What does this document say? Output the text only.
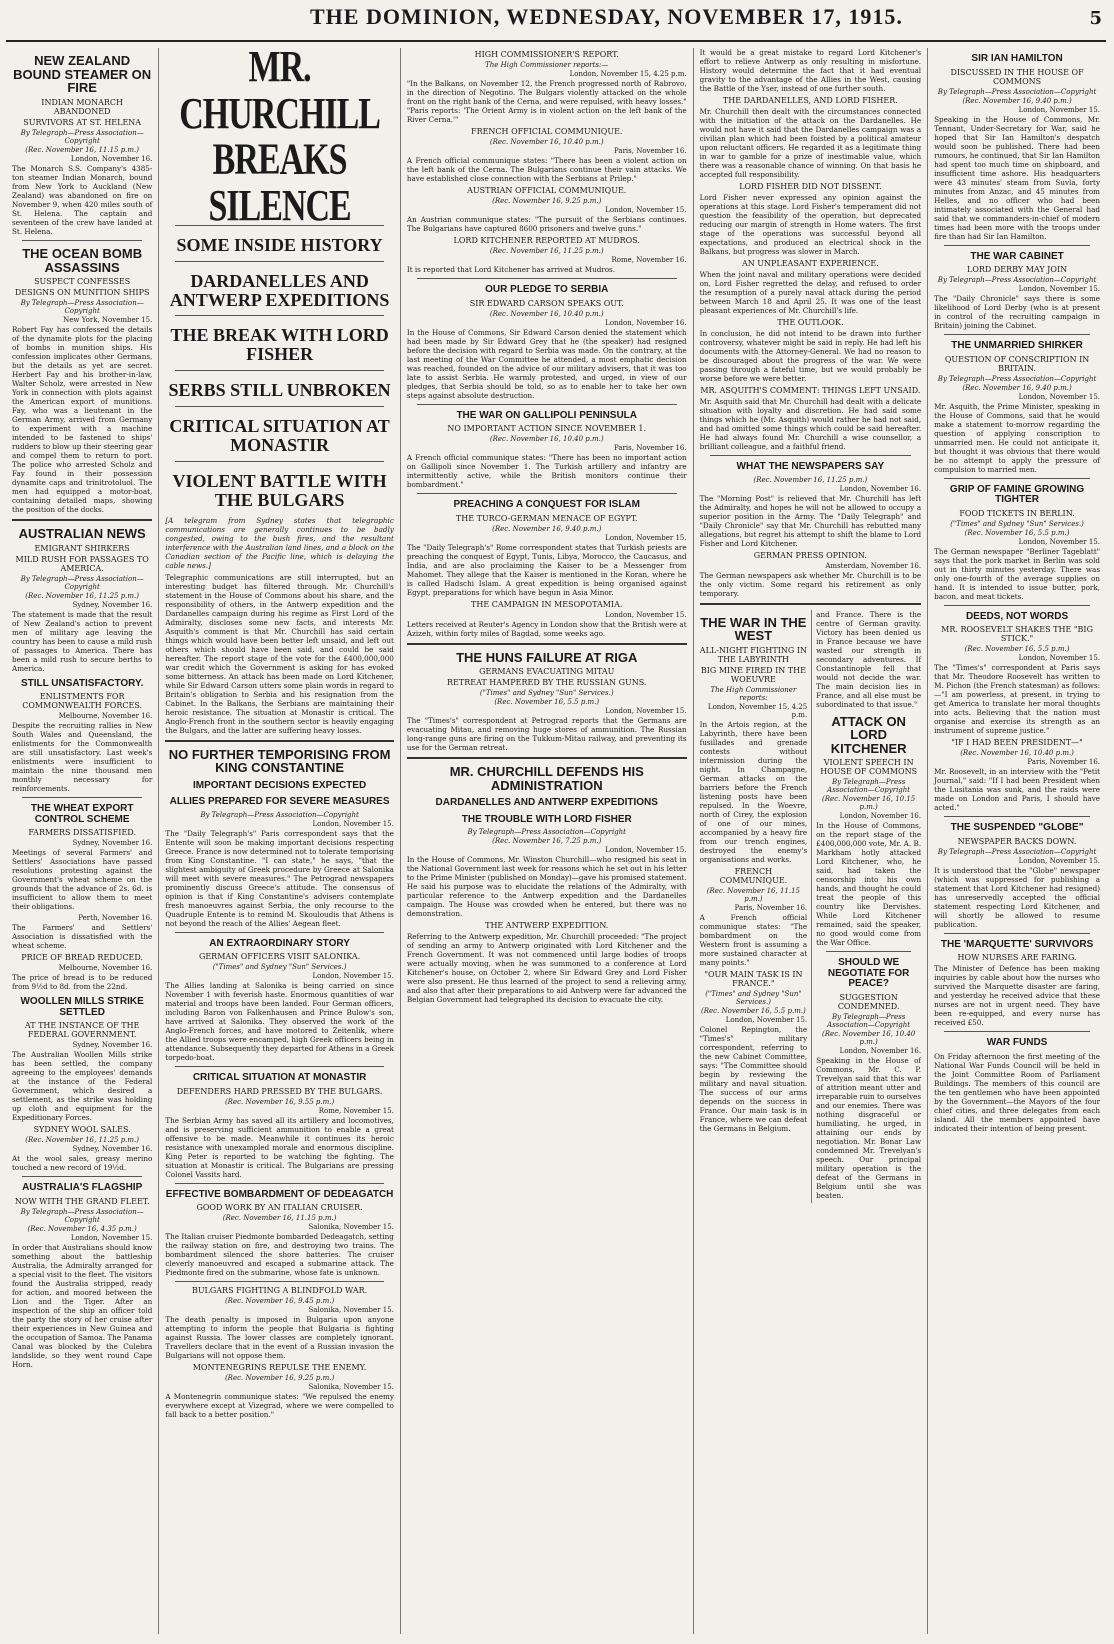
THE DOMINION, WEDNESDAY, NOVEMBER 17, 1915.	5
NEW ZEALAND BOUND STEAMER ON FIRE
INDIAN MONARCH ABANDONED
SURVIVORS AT ST. HELENA
By Telegraph—Press Association—Copyright
(Rec. November 16, 11.15 p.m.)
London, November 16.

The Monarch S.S. Company's 4385-ton steamer Indian Monarch, bound from New York to Auckland (New Zealand) was abandoned on fire on November 9, when 420 miles south of St. Helena. The captain and seventeen of the crew have landed at St. Helena.

THE OCEAN BOMB ASSASSINS
SUSPECT CONFESSES
DESIGNS ON MUNITION SHIPS
By Telegraph—Press Association—Copyright
New York, November 15.

Robert Fay has confessed the details of the dynamite plots for the placing of bombs in munition ships. His confession implicates other Germans, but the details as yet are secret. Herbert Fay and his brother-in-law, Walter Scholz, were arrested in New York in connection with plots against the American export of munitions. Fay, who was a lieutenant in the German Army, arrived from Germany to experiment with a machine intended to be fastened to ships' rudders to blow up their steering gear and compel them to return to port. The police who arrested Scholz and Fay found in their possession dynamite caps and trinitrotoluol. The men had equipped a motor-boat, containing detailed maps, showing the position of the docks.

AUSTRALIAN NEWS
EMIGRANT SHIRKERS
MILD RUSH FOR PASSAGES TO AMERICA.
By Telegraph—Press Association—Copyright
(Rec. November 16, 11.25 p.m.)
Sydney, November 16.

The statement is made that the result of New Zealand's action to prevent men of military age leaving the country has been to cause a mild rush of passages to America. There has been a mild rush to secure berths to America.

STILL UNSATISFACTORY.
ENLISTMENTS FOR COMMONWEALTH FORCES.
Melbourne, November 16.

Despite the recruiting rallies in New South Wales and Queensland, the enlistments for the Commonwealth are still unsatisfactory. Last week's enlistments were insufficient to maintain the nine thousand men monthly necessary for reinforcements.

THE WHEAT EXPORT CONTROL SCHEME
FARMERS DISSATISFIED.
Sydney, November 16.

Meetings of several Farmers' and Settlers' Associations have passed resolutions protesting against the Government's wheat scheme on the grounds that the advance of 2s. 6d. is insufficient to allow them to meet their obligations.

Perth, November 16.

The Farmers' and Settlers' Association is dissatisfied with the wheat scheme.

PRICE OF BREAD REDUCED.
Melbourne, November 16.

The price of bread is to be reduced from 9½d to 8d. from the 22nd.

WOOLLEN MILLS STRIKE SETTLED
AT THE INSTANCE OF THE FEDERAL GOVERNMENT.
Sydney, November 16.

The Australian Woollen Mills strike has been settled, the company agreeing to the employees' demands at the instance of the Federal Government, which desired a settlement, as the strike was holding up cloth and equipment for the Expeditionary Forces.

SYDNEY WOOL SALES.
(Rec. November 16, 11.25 p.m.)
Sydney, November 16.

At the wool sales, greasy merino touched a new record of 19½d.

AUSTRALIA'S FLAGSHIP
NOW WITH THE GRAND FLEET.
By Telegraph—Press Association—Copyright
(Rec. November 16, 4.35 p.m.)
London, November 15.

In order that Australians should know something about the battleship Australia, the Admiralty arranged for a special visit to the fleet. The visitors found the Australia stripped, ready for action, and moored between the Lion and the Tiger. After an inspection of the ship an officer told the party the story of her cruise after their experiences in New Guinea and the occupation of Samoa. The Panama Canal was blocked by the Culebra landslide, so they went round Cape Horn.

MR. CHURCHILL BREAKS SILENCE
SOME INSIDE HISTORY
DARDANELLES AND ANTWERP EXPEDITIONS
THE BREAK WITH LORD FISHER
SERBS STILL UNBROKEN
CRITICAL SITUATION AT MONASTIR
VIOLENT BATTLE WITH THE BULGARS

[A telegram from Sydney states that telegraphic communications are generally continues to be badly congested, owing to the bush fires, and the resultant interference with the Australian land lines, and a block on the Canadian section of the Pacific line, which is delaying the cable news.]

Telegraphic communications are still interrupted, but an interesting budget has filtered through. Mr. Churchill's statement in the House of Commons about his share, and the responsibility of others, in the Antwerp expedition and the Dardanelles campaign during his regime as First Lord of the Admiralty, discloses some new facts, and interests Mr. Asquith's comment is that Mr. Churchill has said certain things which would have been better left unsaid, and left out others which should have been said, and could be said hereafter. The report stage of the vote for the £400,000,000 war credit which the Government is asking for has evoked some bitterness. An attack has been made on Lord Kitchener, while Sir Edward Carson utters some plain words in regard to Britain's obligation to Serbia and his resignation from the Cabinet. In the Balkans, the Serbians are maintaining their heroic resistance. The situation at Monastir is critical. The Anglo-French front in the southern sector is heavily engaging the Bulgars, and the latter are suffering heavy losses.

NO FURTHER TEMPORISING FROM KING CONSTANTINE
IMPORTANT DECISIONS EXPECTED
ALLIES PREPARED FOR SEVERE MEASURES
By Telegraph—Press Association—Copyright
London, November 15.

The "Daily Telegraph's" Paris correspondent says that the Entente will soon be making important decisions respecting Greece. France is now determined not to tolerate temporising from King Constantine. "I can state," he says, "that the slightest ambiguity of Greek procedure by Greece at Salonika will meet with severe measures." The Petrograd newspapers prominently discuss Greece's attitude. The consensus of opinion is that if King Constantine's advisers contemplate fresh manoeuvres against Serbia, the only recourse to the Quadruple Entente is to remind M. Skouloudis that Athens is not beyond the reach of the Allies' Aegean fleet.

AN EXTRAORDINARY STORY
GERMAN OFFICERS VISIT SALONIKA.
("Times" and Sydney "Sun" Services.)
London, November 15.

The Allies landing at Salonika is being carried on since November 1 with feverish haste. Enormous quantities of war material and troops have been landed. Four German officers, including Baron von Falkenhausen and Prince Bulow's son, have arrived at Salonika. They observed the work of the Anglo-French forces, and have motored to Zeitenlik, where the Allied troops were encamped, high Greek officers being in attendance. Subsequently they departed for Athens in a Greek torpedo-boat.

CRITICAL SITUATION AT MONASTIR
DEFENDERS HARD PRESSED BY THE BULGARS.
(Rec. November 16, 9.55 p.m.)
Rome, November 15.

The Serbian Army has saved all its artillery and locomotives, and is preserving sufficient ammunition to enable a great offensive to be made. Meanwhile it continues its heroic resistance with unexampled morale and enormous discipline. King Peter is reported to be watching the fighting. The situation at Monastir is critical. The Bulgarians are pressing Colonel Vassits hard.

EFFECTIVE BOMBARDMENT OF DEDEAGATCH
GOOD WORK BY AN ITALIAN CRUISER.
(Rec. November 16, 11.15 p.m.)
Salonika, November 15.

The Italian cruiser Piedmonte bombarded Dedeagatch, setting the railway station on fire, and destroying two trains. The bombardment silenced the shore batteries. The cruiser cleverly manoeuvred and escaped a submarine attack. The Piedmonte fired on the submarine, whose fate is unknown.

BULGARS FIGHTING A BLINDFOLD WAR.
(Rec. November 16, 9.45 p.m.)
Salonika, November 15.

The death penalty is imposed in Bulgaria upon anyone attempting to inform the people that Bulgaria is fighting against Russia. The lower classes are completely ignorant. Travellers declare that in the event of a Russian invasion the Bulgarians will not oppose them.

MONTENEGRINS REPULSE THE ENEMY.
(Rec. November 16, 9.25 p.m.)
Salonika, November 15.

A Montenegrin communique states: "We repulsed the enemy everywhere except at Vizegrad, where we were compelled to fall back to a better position."

HIGH COMMISSIONER'S REPORT.
The High Commissioner reports:—
London, November 15, 4.25 p.m.

"In the Balkans, on November 12, the French progressed north of Rabrovo, in the direction of Negotino. The Bulgars violently attacked on the whole front on the right bank of the Cerna, and were repulsed, with heavy losses." "Paris reports: 'The Orient Army is in violent action on the left bank of the River Cerna.'"

FRENCH OFFICIAL COMMUNIQUE.
(Rec. November 16, 10.40 p.m.)
Paris, November 16.

A French official communique states: "There has been a violent action on the left bank of the Cerna. The Bulgarians continue their vain attacks. We have established close connection with the Serbians at Prilep."

AUSTRIAN OFFICIAL COMMUNIQUE.
(Rec. November 16, 9.25 p.m.)
London, November 15.

An Austrian communique states: "The pursuit of the Serbians continues. The Bulgarians have captured 8600 prisoners and twelve guns."

LORD KITCHENER REPORTED AT MUDROS.
(Rec. November 16, 11.25 p.m.)
Rome, November 16.

It is reported that Lord Kitchener has arrived at Mudros.

OUR PLEDGE TO SERBIA
SIR EDWARD CARSON SPEAKS OUT.
(Rec. November 16, 10.40 p.m.)
London, November 16.

In the House of Commons, Sir Edward Carson denied the statement which had been made by Sir Edward Grey that he (the speaker) had resigned before the decision with regard to Serbia was made. On the contrary, at the last meeting of the War Committee he attended, a most emphatic decision was reached, founded on the advice of our military advisers, that it was too late to assist Serbia. He warmly protested, and urged, in view of our pledges, that Serbia should be told, so as to enable her to take her own steps against absolute destruction.

THE WAR ON GALLIPOLI PENINSULA
NO IMPORTANT ACTION SINCE NOVEMBER 1.
(Rec. November 16, 10.40 p.m.)
Paris, November 16.

A French official communique states: "There has been no important action on Gallipoli since November 1. The Turkish artillery and infantry are intermittently active, while the British monitors continue their bombardment."

PREACHING A CONQUEST FOR ISLAM
THE TURCO-GERMAN MENACE OF EGYPT.
(Rec. November 16, 9.40 p.m.)
London, November 15.

The "Daily Telegraph's" Rome correspondent states that Turkish priests are preaching the conquest of Egypt, Tunis, Libya, Morocco, the Caucasus, and India, and are also proclaiming the Kaiser to be a Messenger from Mahomet. They allege that the Kaiser is mentioned in the Koran, where he is called Hadschi Islam. A great expedition is being organised against Egypt, preparations for which have begun in Asia Minor.

THE CAMPAIGN IN MESOPOTAMIA.
London, November 15.

Letters received at Reuter's Agency in London show that the British were at Azizeh, within forty miles of Bagdad, some weeks ago.

THE HUNS FAILURE AT RIGA
GERMANS EVACUATING MITAU
RETREAT HAMPERED BY THE RUSSIAN GUNS.
("Times" and Sydney "Sun" Services.)
(Rec. November 16, 5.5 p.m.)
London, November 15.

The "Times's" correspondent at Petrograd reports that the Germans are evacuating Mitau, and removing huge stores of ammunition. The Russian long-range guns are firing on the Tukkum-Mitau railway, and preventing its use for the German retreat.

MR. CHURCHILL DEFENDS HIS ADMINISTRATION
DARDANELLES AND ANTWERP EXPEDITIONS
THE TROUBLE WITH LORD FISHER
By Telegraph—Press Association—Copyright
(Rec. November 16, 7.25 p.m.)
London, November 15.

In the House of Commons, Mr. Winston Churchill—who resigned his seat in the National Government last week for reasons which he set out in his letter to the Prime Minister (published on Monday)—gave his promised statement. He said his purpose was to elucidate the relations of the Admiralty, with particular reference to the Antwerp expedition and the Dardanelles campaign. The House was crowded when he entered, but there was no demonstration.

THE ANTWERP EXPEDITION.

Referring to the Antwerp expedition, Mr. Churchill proceeded: "The project of sending an army to Antwerp originated with Lord Kitchener and the French Government. It was not commenced until large bodies of troops were actually moving, when he was summoned to a conference at Lord Kitchener's house, on October 2, where Sir Edward Grey and Lord Fisher were also present. He thus learned of the project to send a relieving army, and also that after their preparations to aid Antwerp were far advanced the Belgian Government had telegraphed its decision to evacuate the city.

It would be a great mistake to regard Lord Kitchener's effort to relieve Antwerp as only resulting in misfortune. History would determine the fact that it had eventual gravity to the advantage of the Allies in the West, causing the Battle of the Yser, instead of one further south.

THE DARDANELLES, AND LORD FISHER.

Mr. Churchill then dealt with the circumstances connected with the initiation of the attack on the Dardanelles. He would not have it said that the Dardanelles campaign was a civilian plan which had been foisted by a political amateur upon reluctant officers. He regarded it as a legitimate thing in war to gamble for a prize of inestimable value, which there was a reasonable chance of winning. On that basis he accepted full responsibility.

LORD FISHER DID NOT DISSENT.

Lord Fisher never expressed any opinion against the operations at this stage. Lord Fisher's temperament did not question the feasibility of the operation, but deprecated reducing our margin of strength in Home waters. The first stage of the operations was successful beyond all expectations, and produced an electrical shock in the Balkans, but progress was slower in March.

AN UNPLEASANT EXPERIENCE.

When the joint naval and military operations were decided on, Lord Fisher regretted the delay, and refused to order the resumption of a purely naval attack during the period between March 18 and April 25. It was one of the least pleasant experiences of Mr. Churchill's life.

THE OUTLOOK.

In conclusion, he did not intend to be drawn into further controversy, whatever might be said in reply. He had left his documents with the Attorney-General. We had no reason to be discouraged about the progress of the war. We were passing through a fateful time, but we would probably be worse before we were better.

MR. ASQUITH'S COMMENT: THINGS LEFT UNSAID.

Mr. Asquith said that Mr. Churchill had dealt with a delicate situation with loyalty and discretion. He had said some things which he (Mr. Asquith) would rather he had not said, and had omitted some things which could be said hereafter. He had always found Mr. Churchill a wise counsellor, a brilliant colleague, and a faithful friend.

WHAT THE NEWSPAPERS SAY
(Rec. November 16, 11.25 p.m.)
London, November 16.

The "Morning Post" is relieved that Mr. Churchill has left the Admiralty, and hopes he will not be allowed to occupy a superior position in the Army. The "Daily Telegraph" and "Daily Chronicle" say that Mr. Churchill has rebutted many allegations, but regret his attempt to shift the blame to Lord Fisher and Lord Kitchener.

GERMAN PRESS OPINION.
Amsterdam, November 16.

The German newspapers ask whether Mr. Churchill is to be the only victim. Some regard his retirement as only temporary.

THE WAR IN THE WEST
ALL-NIGHT FIGHTING IN THE LABYRINTH
BIG MINE FIRED IN THE WOEUVRE
The High Commissioner reports:
London, November 15, 4.25 p.m.

In the Artois region, at the Labyrinth, there have been fusillades and grenade contests without intermission during the night. In Champagne, German attacks on the barriers before the French listening posts have been repulsed. In the Woevre, north of Cirey, the explosion of one of our mines, accompanied by a heavy fire from our trench engines, destroyed the enemy's organisations and works.

FRENCH COMMUNIQUE.
(Rec. November 16, 11.15 p.m.)
Paris, November 16.

A French official communique states: "The bombardment on the Western front is assuming a more sustained character at many points."

"OUR MAIN TASK IS IN FRANCE."
("Times" and Sydney "Sun" Services.)
(Rec. November 16, 5.5 p.m.)
London, November 15.

Colonel Repington, the "Times's" military correspondent, referring to the new Cabinet Committee, says: "The Committee should begin by reviewing the military and naval situation. The success of our arms depends on the success in France. Our main task is in France, where we can defeat the Germans in Belgium.

and France. There is the centre of German gravity. Victory has been denied us in France because we have wasted our strength in secondary adventures. If Constantinople fell that would not decide the war. The main decision lies in France, and all else must be subordinated to that issue."

ATTACK ON LORD KITCHENER
VIOLENT SPEECH IN HOUSE OF COMMONS
By Telegraph—Press Association—Copyright
(Rec. November 16, 10.15 p.m.)
London, November 16.

In the House of Commons, on the report stage of the £400,000,000 vote, Mr. A. B. Markham hotly attacked Lord Kitchener, who, he said, had taken the censorship into his own hands, and thought he could treat the people of this country like Dervishes. While Lord Kitchener remained, said the speaker, no good would come from the War Office.

SHOULD WE NEGOTIATE FOR PEACE?
SUGGESTION CONDEMNED.
By Telegraph—Press Association—Copyright
(Rec. November 16, 10.40 p.m.)
London, November 16.

Speaking in the House of Commons, Mr. C. P. Trevelyan said that this war of attrition meant utter and irreparable ruin to ourselves and our enemies. There was nothing disgraceful or humiliating, he urged, in attaining our ends by negotiation. Mr. Bonar Law condemned Mr. Trevelyan's speech. Our principal military operation is the defeat of the Germans in Belgium until she was beaten.

SIR IAN HAMILTON
DISCUSSED IN THE HOUSE OF COMMONS
By Telegraph—Press Association—Copyright
(Rec. November 16, 9.40 p.m.)
London, November 15.

Speaking in the House of Commons, Mr. Tennant, Under-Secretary for War, said he hoped that Sir Ian Hamilton's despatch would soon be published. There had been rumours, he continued, that Sir Ian Hamilton had spent too much time on shipboard, and insufficient time ashore. His headquarters were 43 minutes' steam from Suvla, forty minutes from Anzac, and 45 minutes from Helles, and no officer who had been intimately associated with the General had said that we commanders-in-chief of modern times had been more with the troops under fire than had Sir Ian Hamilton.

THE WAR CABINET
LORD DERBY MAY JOIN
By Telegraph—Press Association—Copyright
London, November 15.

The "Daily Chronicle" says there is some likelihood of Lord Derby (who is at present in control of the recruiting campaign in Britain) joining the Cabinet.

THE UNMARRIED SHIRKER
QUESTION OF CONSCRIPTION IN BRITAIN.
By Telegraph—Press Association—Copyright
(Rec. November 16, 9.40 p.m.)
London, November 15.

Mr. Asquith, the Prime Minister, speaking in the House of Commons, said that he would make a statement to-morrow regarding the question of applying conscription to unmarried men. He could not anticipate it, but thought it was obvious that there would be no attempt to apply the pressure of compulsion to married men.

GRIP OF FAMINE GROWING TIGHTER
FOOD TICKETS IN BERLIN.
("Times" and Sydney "Sun" Services.)
(Rec. November 16, 5.5 p.m.)
London, November 15.

The German newspaper "Berliner Tageblatt" says that the pork market in Berlin was sold out in thirty minutes yesterday. There was only one-fourth of the average supplies on hand. It is intended to issue butter, pork, bacon, and meat tickets.

DEEDS, NOT WORDS
MR. ROOSEVELT SHAKES THE "BIG STICK."
(Rec. November 16, 5.5 p.m.)
London, November 15.

The "Times's" correspondent at Paris says that Mr. Theodore Roosevelt has written to M. Pichon (the French statesman) as follows:—"I am powerless, at present, in trying to get America to translate her moral thoughts into acts. Believing that the nation must organise and exercise its strength as an instrument of supreme justice."

"IF I HAD BEEN PRESIDENT—"
(Rec. November 16, 10.40 p.m.)
Paris, November 16.

Mr. Roosevelt, in an interview with the "Petit Journal," said: "If I had been President when the Lusitania was sunk, and the raids were made on London and Paris, I should have acted."

THE SUSPENDED "GLOBE"
NEWSPAPER BACKS DOWN.
By Telegraph—Press Association—Copyright
London, November 15.

It is understood that the "Globe" newspaper (which was suppressed for publishing a statement that Lord Kitchener had resigned) has unreservedly accepted the official statement respecting Lord Kitchener, and will shortly be allowed to resume publication.

THE 'MARQUETTE' SURVIVORS
HOW NURSES ARE FARING.

The Minister of Defence has been making inquiries by cable about how the nurses who survived the Marquette disaster are faring, and yesterday he received advice that these nurses are not in urgent need. They have been re-equipped, and every nurse has received £50.

WAR FUNDS

On Friday afternoon the first meeting of the National War Funds Council will be held in the Joint Committee Room of Parliament Buildings. The members of this council are the ten gentlemen who have been appointed by the Government—the Mayors of the four chief cities, and three delegates from each island. All the members appointed have indicated their intention of being present.
